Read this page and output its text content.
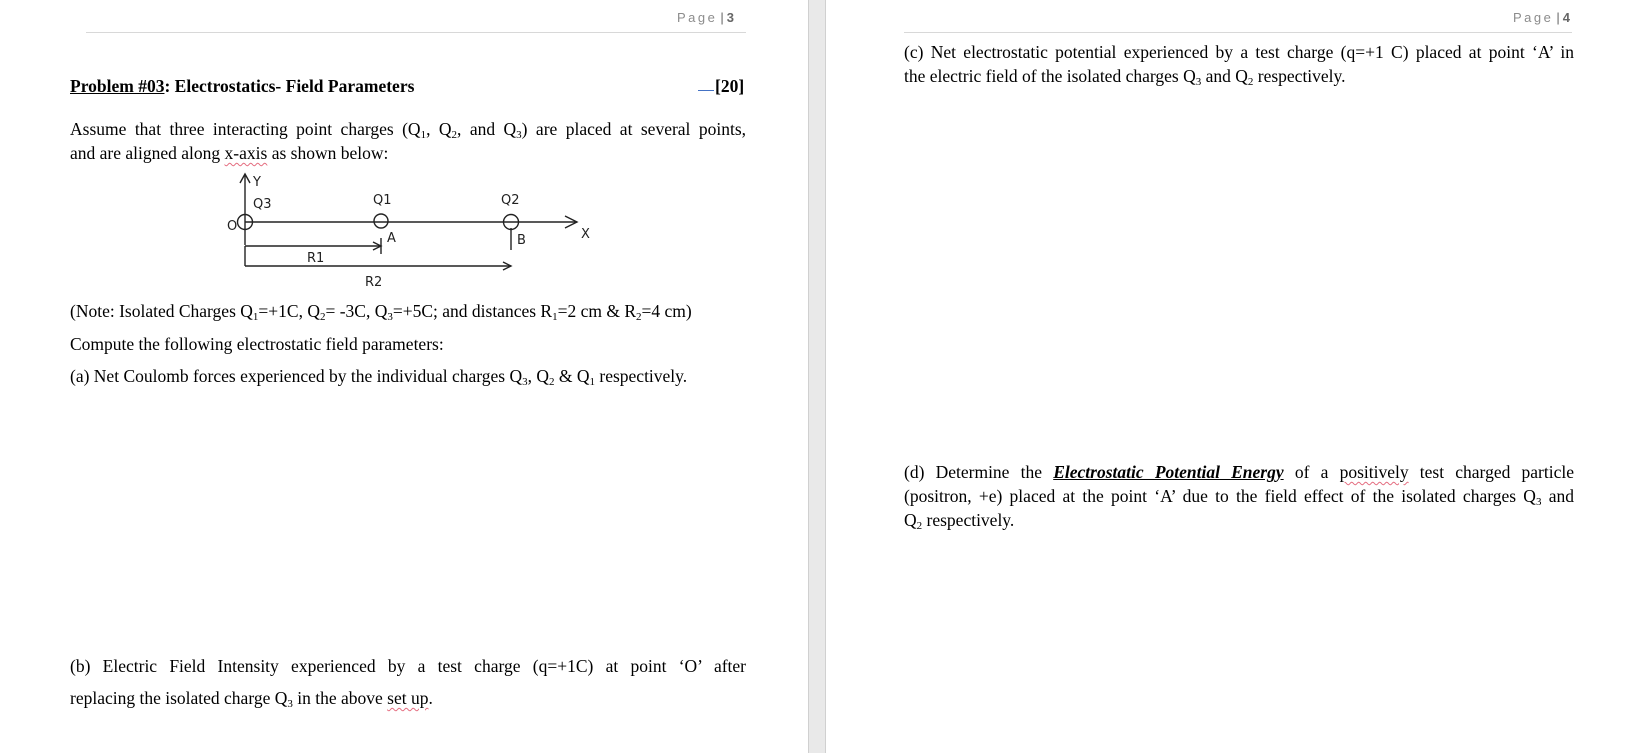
Page | 3
Problem #03: Electrostatics- Field Parameters	[20]
Assume that three interacting point charges ($Q_1$, $Q_2$, and $Q_3$) are placed at several points,
and are aligned along x-axis as shown below:
O
Y
X
Q3	Q1	Q2
A	B
R1
R2
(Note: Isolated Charges $Q_1=+1C$, $Q_2= -3C$, $Q_3=+5C$; and distances $R_1=2$ cm & $R_2=4$ cm)
Compute the following electrostatic field parameters:
(a) Net Coulomb forces experienced by the individual charges $Q_3$, $Q_2$ & $Q_1$ respectively.
(b) Electric Field Intensity experienced by a test charge (q=+1C) at point ‘O’ after
replacing the isolated charge $Q_3$ in the above set up.
Page | 4
(c) Net electrostatic potential experienced by a test charge (q=+1 C) placed at point ‘A’ in
the electric field of the isolated charges $Q_3$ and $Q_2$ respectively.
(d) Determine the Electrostatic Potential Energy of a positively test charged particle
(positron, +e) placed at the point ‘A’ due to the field effect of the isolated charges $Q_3$ and
$Q_2$ respectively.
